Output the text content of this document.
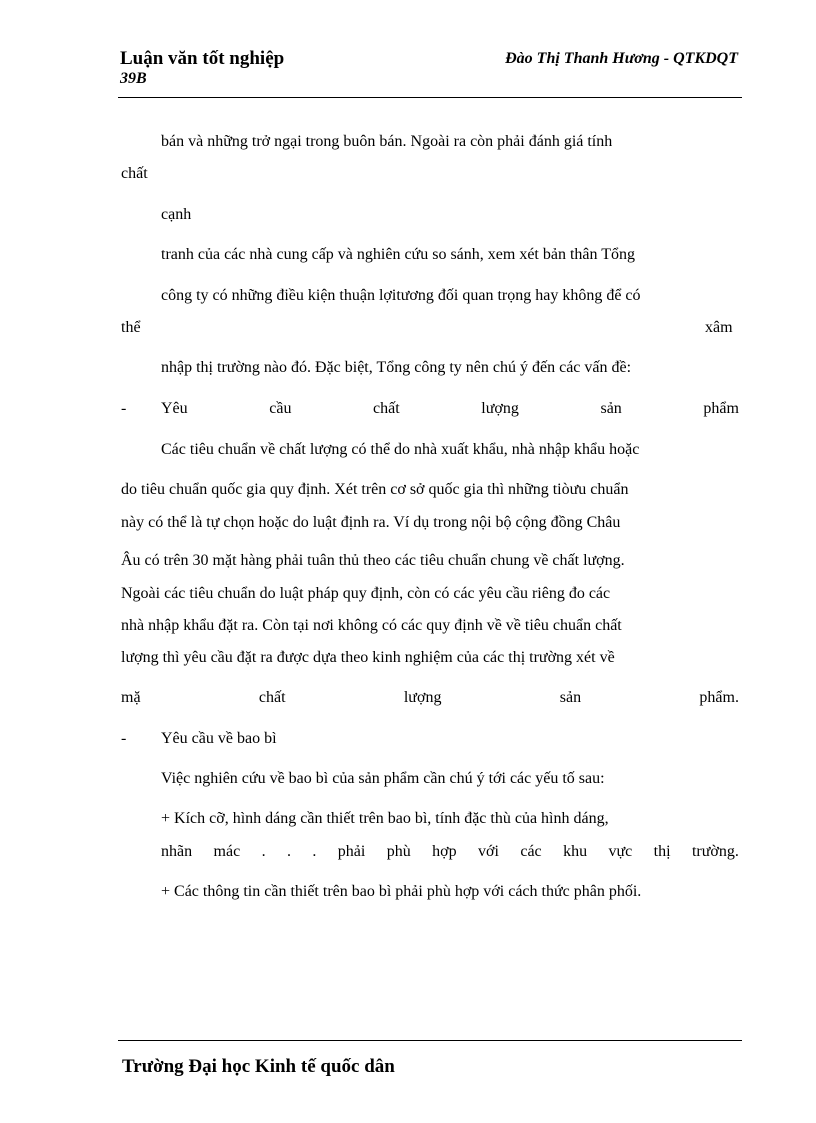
Luận văn tốt nghiệp
39B
Đào Thị Thanh Hương - QTKDQT
bán và những trở ngại trong buôn bán. Ngoài ra còn phải đánh giá tính
chất
cạnh
tranh của các nhà cung cấp và nghiên cứu so sánh, xem xét bản thân Tổng
công ty có những điều kiện thuận lợitương đối quan trọng hay không để có
thể	xâm
nhập thị trường nào đó. Đặc biệt, Tổng công ty nên chú ý đến các vấn đề:
- Yêu	cầu	chất	lượng	sản	phẩm
Các tiêu chuẩn về chất lượng có thể do nhà xuất khẩu, nhà nhập khẩu hoặc
do tiêu chuẩn quốc gia quy định. Xét trên cơ sở quốc gia thì những tiòưu chuẩn
này có thể là tự chọn hoặc do luật định ra. Ví dụ trong nội bộ cộng đồng Châu
Âu có trên 30 mặt hàng phải tuân thủ theo các tiêu chuẩn chung về chất lượng.
Ngoài các tiêu chuẩn do luật pháp quy định, còn có các yêu cầu riêng đo các
nhà nhập khẩu đặt ra. Còn tại nơi không có các quy định về về tiêu chuẩn chất
lượng thì yêu cầu đặt ra được dựa theo kinh nghiệm của các thị trường xét về
mặ	chất	lượng	sản	phẩm.
- Yêu cầu về bao bì
Việc nghiên cứu về bao bì của sản phẩm cần chú ý tới các yếu tố sau:
+ Kích cỡ, hình dáng cần thiết trên bao bì, tính đặc thù của hình dáng,
nhãn mác . . . phải phù hợp với các khu vực thị trường.
+ Các thông tin cần thiết trên bao bì phải phù hợp với cách thức phân phối.
Trường Đại học Kinh tế quốc dân
